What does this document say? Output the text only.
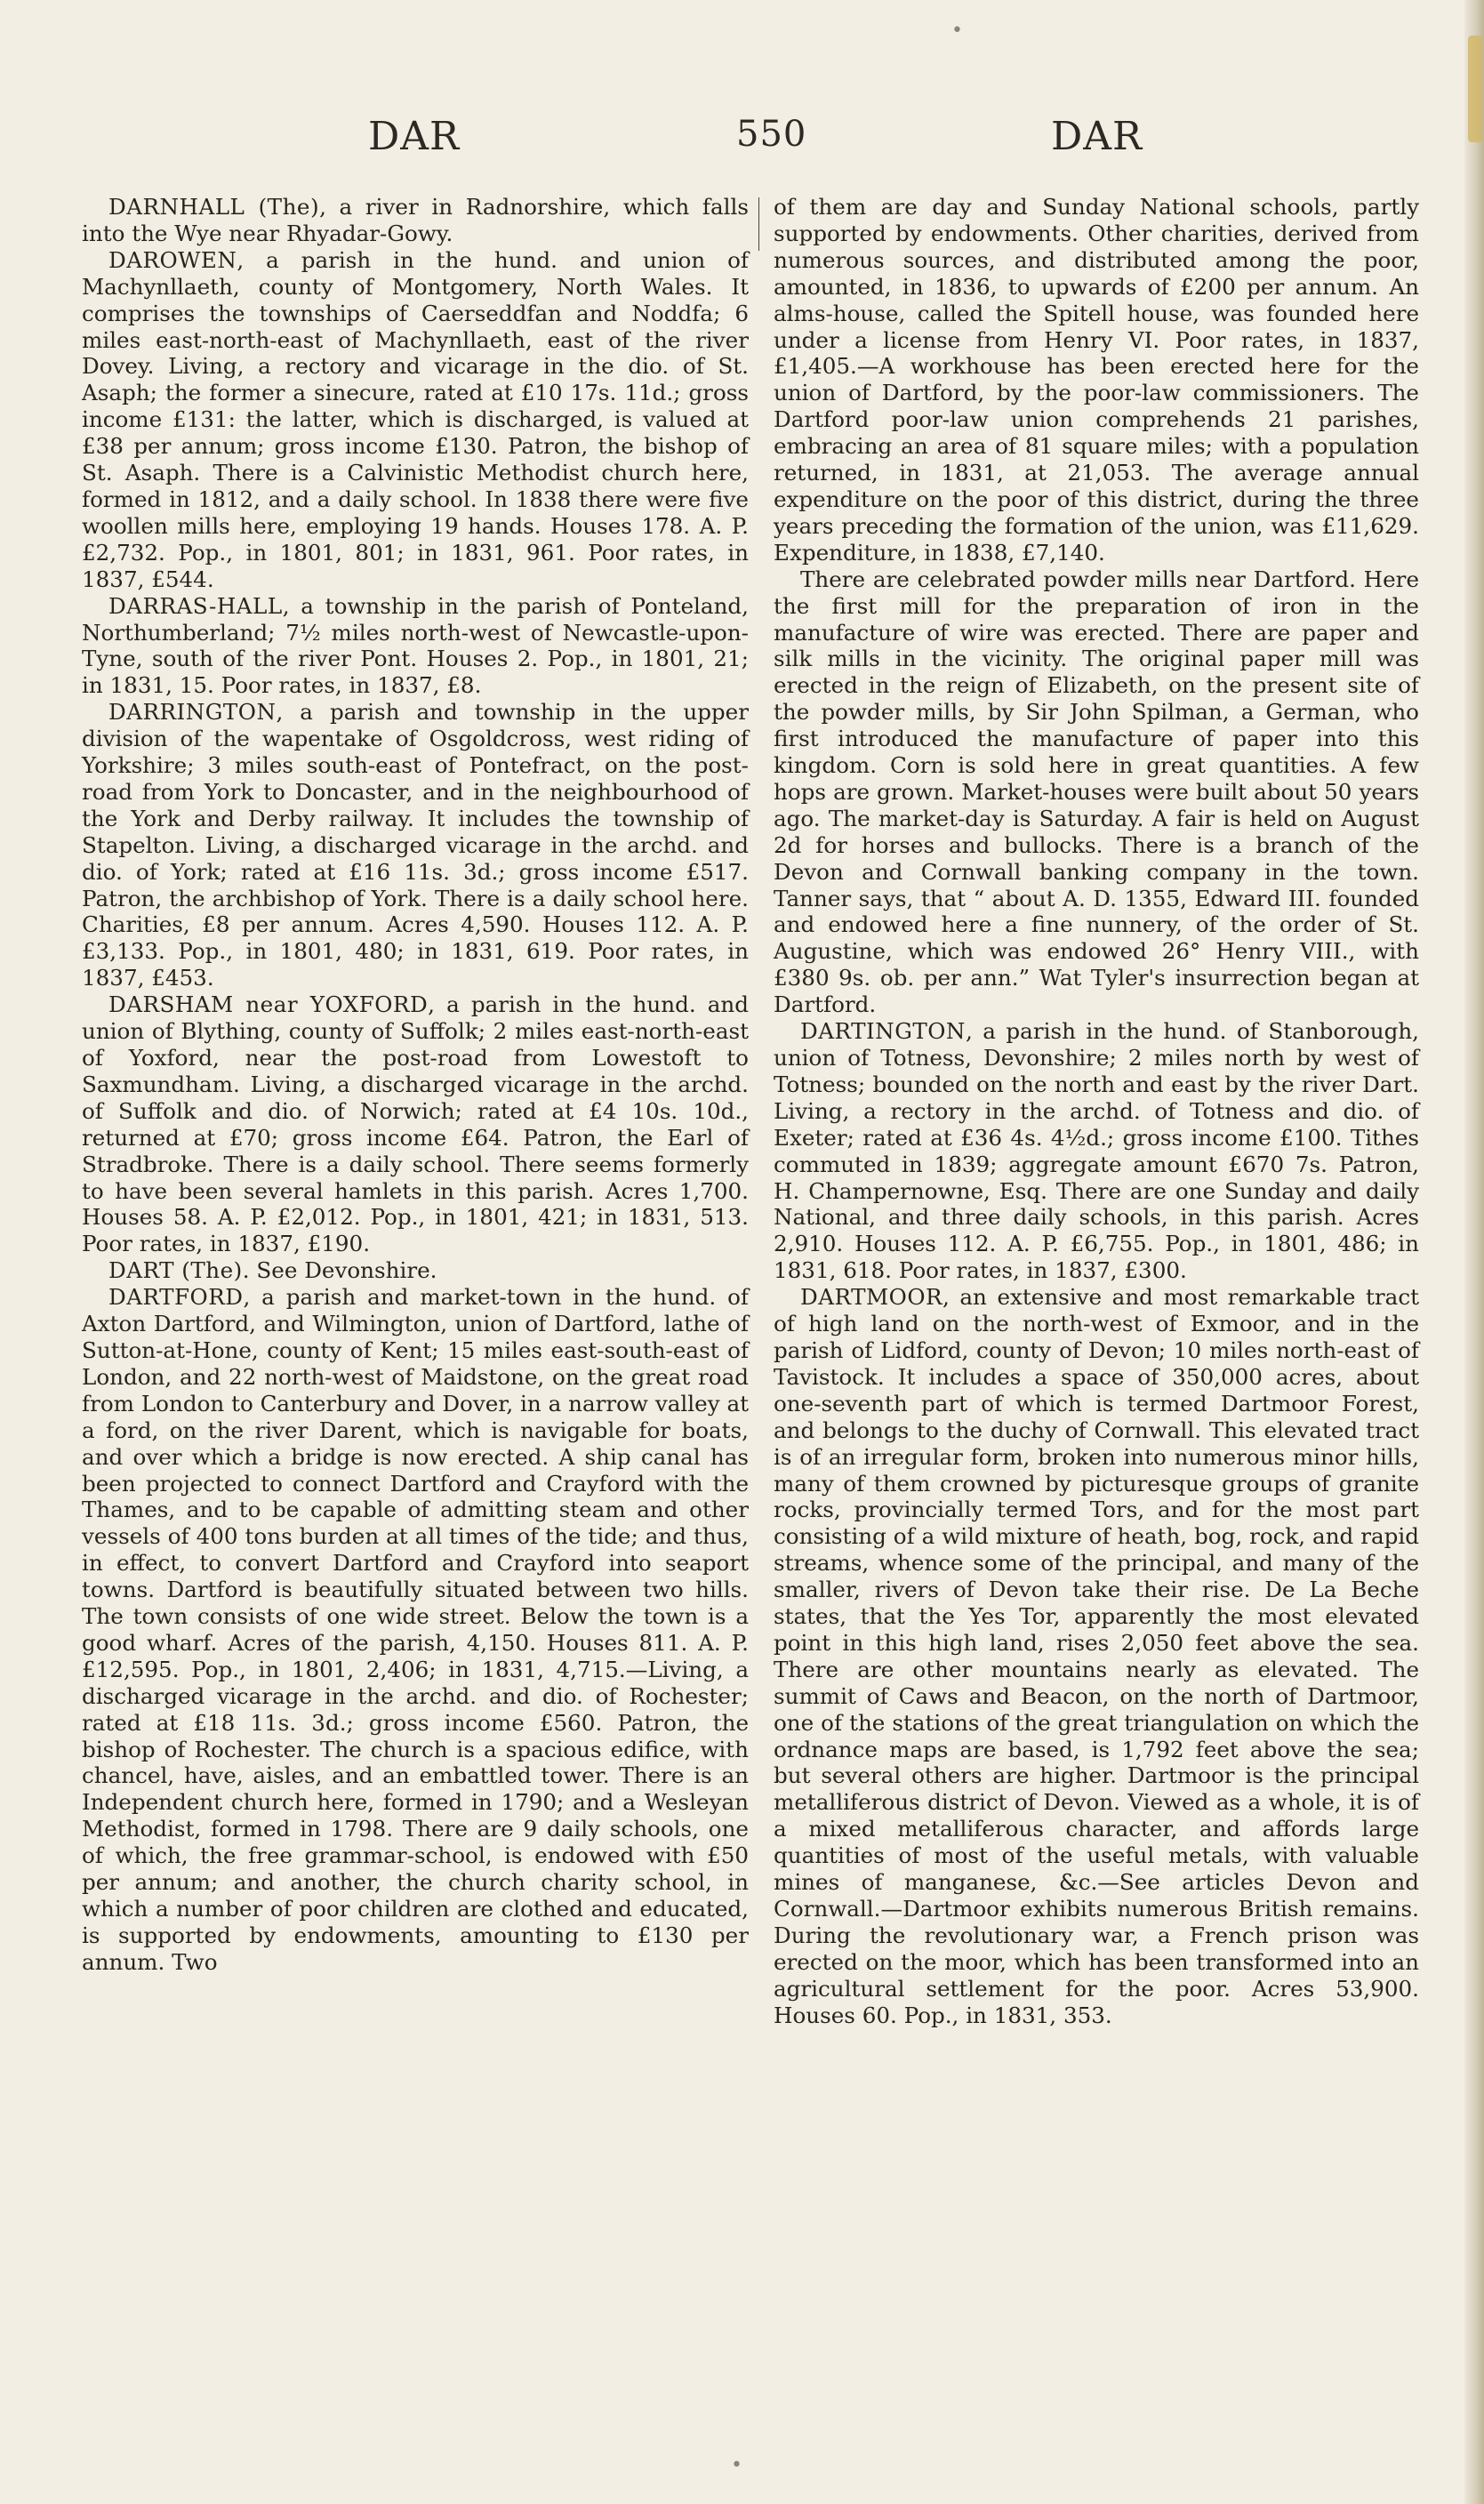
•
•
DAR	550	DAR

DARNHALL (The), a river in Radnorshire, which falls into the Wye near Rhyadar-Gowy.

DAROWEN, a parish in the hund. and union of Machynllaeth, county of Montgomery, North Wales. It comprises the townships of Caerseddfan and Noddfa; 6 miles east-north-east of Machynllaeth, east of the river Dovey. Living, a rectory and vicarage in the dio. of St. Asaph; the former a sinecure, rated at £10 17s. 11d.; gross income £131: the latter, which is discharged, is valued at £38 per annum; gross income £130. Patron, the bishop of St. Asaph. There is a Calvinistic Methodist church here, formed in 1812, and a daily school. In 1838 there were five woollen mills here, employing 19 hands. Houses 178. A. P. £2,732. Pop., in 1801, 801; in 1831, 961. Poor rates, in 1837, £544.

DARRAS-HALL, a township in the parish of Ponteland, Northumberland; 7½ miles north-west of Newcastle-upon-Tyne, south of the river Pont. Houses 2. Pop., in 1801, 21; in 1831, 15. Poor rates, in 1837, £8.

DARRINGTON, a parish and township in the upper division of the wapentake of Osgoldcross, west riding of Yorkshire; 3 miles south-east of Pontefract, on the post-road from York to Doncaster, and in the neighbourhood of the York and Derby railway. It includes the township of Stapelton. Living, a discharged vicarage in the archd. and dio. of York; rated at £16 11s. 3d.; gross income £517. Patron, the archbishop of York. There is a daily school here. Charities, £8 per annum. Acres 4,590. Houses 112. A. P. £3,133. Pop., in 1801, 480; in 1831, 619. Poor rates, in 1837, £453.

DARSHAM near YOXFORD, a parish in the hund. and union of Blything, county of Suffolk; 2 miles east-north-east of Yoxford, near the post-road from Lowestoft to Saxmundham. Living, a discharged vicarage in the archd. of Suffolk and dio. of Norwich; rated at £4 10s. 10d., returned at £70; gross income £64. Patron, the Earl of Stradbroke. There is a daily school. There seems formerly to have been several hamlets in this parish. Acres 1,700. Houses 58. A. P. £2,012. Pop., in 1801, 421; in 1831, 513. Poor rates, in 1837, £190.

DART (The). See Devonshire.

DARTFORD, a parish and market-town in the hund. of Axton Dartford, and Wilmington, union of Dartford, lathe of Sutton-at-Hone, county of Kent; 15 miles east-south-east of London, and 22 north-west of Maidstone, on the great road from London to Canterbury and Dover, in a narrow valley at a ford, on the river Darent, which is navigable for boats, and over which a bridge is now erected. A ship canal has been projected to connect Dartford and Crayford with the Thames, and to be capable of admitting steam and other vessels of 400 tons burden at all times of the tide; and thus, in effect, to convert Dartford and Crayford into seaport towns. Dartford is beautifully situated between two hills. The town consists of one wide street. Below the town is a good wharf. Acres of the parish, 4,150. Houses 811. A. P. £12,595. Pop., in 1801, 2,406; in 1831, 4,715.—Living, a discharged vicarage in the archd. and dio. of Rochester; rated at £18 11s. 3d.; gross income £560. Patron, the bishop of Rochester. The church is a spacious edifice, with chancel, have, aisles, and an embattled tower. There is an Independent church here, formed in 1790; and a Wesleyan Methodist, formed in 1798. There are 9 daily schools, one of which, the free grammar-school, is endowed with £50 per annum; and another, the church charity school, in which a number of poor children are clothed and educated, is supported by endowments, amounting to £130 per annum. Two

of them are day and Sunday National schools, partly supported by endowments. Other charities, derived from numerous sources, and distributed among the poor, amounted, in 1836, to upwards of £200 per annum. An alms-house, called the Spitell house, was founded here under a license from Henry VI. Poor rates, in 1837, £1,405.—A workhouse has been erected here for the union of Dartford, by the poor-law commissioners. The Dartford poor-law union comprehends 21 parishes, embracing an area of 81 square miles; with a population returned, in 1831, at 21,053. The average annual expenditure on the poor of this district, during the three years preceding the formation of the union, was £11,629. Expenditure, in 1838, £7,140.

There are celebrated powder mills near Dartford. Here the first mill for the preparation of iron in the manufacture of wire was erected. There are paper and silk mills in the vicinity. The original paper mill was erected in the reign of Elizabeth, on the present site of the powder mills, by Sir John Spilman, a German, who first introduced the manufacture of paper into this kingdom. Corn is sold here in great quantities. A few hops are grown. Market-houses were built about 50 years ago. The market-day is Saturday. A fair is held on August 2d for horses and bullocks. There is a branch of the Devon and Cornwall banking company in the town. Tanner says, that “ about A. D. 1355, Edward III. founded and endowed here a fine nunnery, of the order of St. Augustine, which was endowed 26° Henry VIII., with £380 9s. ob. per ann.” Wat Tyler's insurrection began at Dartford.

DARTINGTON, a parish in the hund. of Stanborough, union of Totness, Devonshire; 2 miles north by west of Totness; bounded on the north and east by the river Dart. Living, a rectory in the archd. of Totness and dio. of Exeter; rated at £36 4s. 4½d.; gross income £100. Tithes commuted in 1839; aggregate amount £670 7s. Patron, H. Champernowne, Esq. There are one Sunday and daily National, and three daily schools, in this parish. Acres 2,910. Houses 112. A. P. £6,755. Pop., in 1801, 486; in 1831, 618. Poor rates, in 1837, £300.

DARTMOOR, an extensive and most remarkable tract of high land on the north-west of Exmoor, and in the parish of Lidford, county of Devon; 10 miles north-east of Tavistock. It includes a space of 350,000 acres, about one-seventh part of which is termed Dartmoor Forest, and belongs to the duchy of Cornwall. This elevated tract is of an irregular form, broken into numerous minor hills, many of them crowned by picturesque groups of granite rocks, provincially termed Tors, and for the most part consisting of a wild mixture of heath, bog, rock, and rapid streams, whence some of the principal, and many of the smaller, rivers of Devon take their rise. De La Beche states, that the Yes Tor, apparently the most elevated point in this high land, rises 2,050 feet above the sea. There are other mountains nearly as elevated. The summit of Caws and Beacon, on the north of Dartmoor, one of the stations of the great triangulation on which the ordnance maps are based, is 1,792 feet above the sea; but several others are higher. Dartmoor is the principal metalliferous district of Devon. Viewed as a whole, it is of a mixed metalliferous character, and affords large quantities of most of the useful metals, with valuable mines of manganese, &c.—See articles Devon and Cornwall.—Dartmoor exhibits numerous British remains. During the revolutionary war, a French prison was erected on the moor, which has been transformed into an agricultural settlement for the poor. Acres 53,900. Houses 60. Pop., in 1831, 353.
